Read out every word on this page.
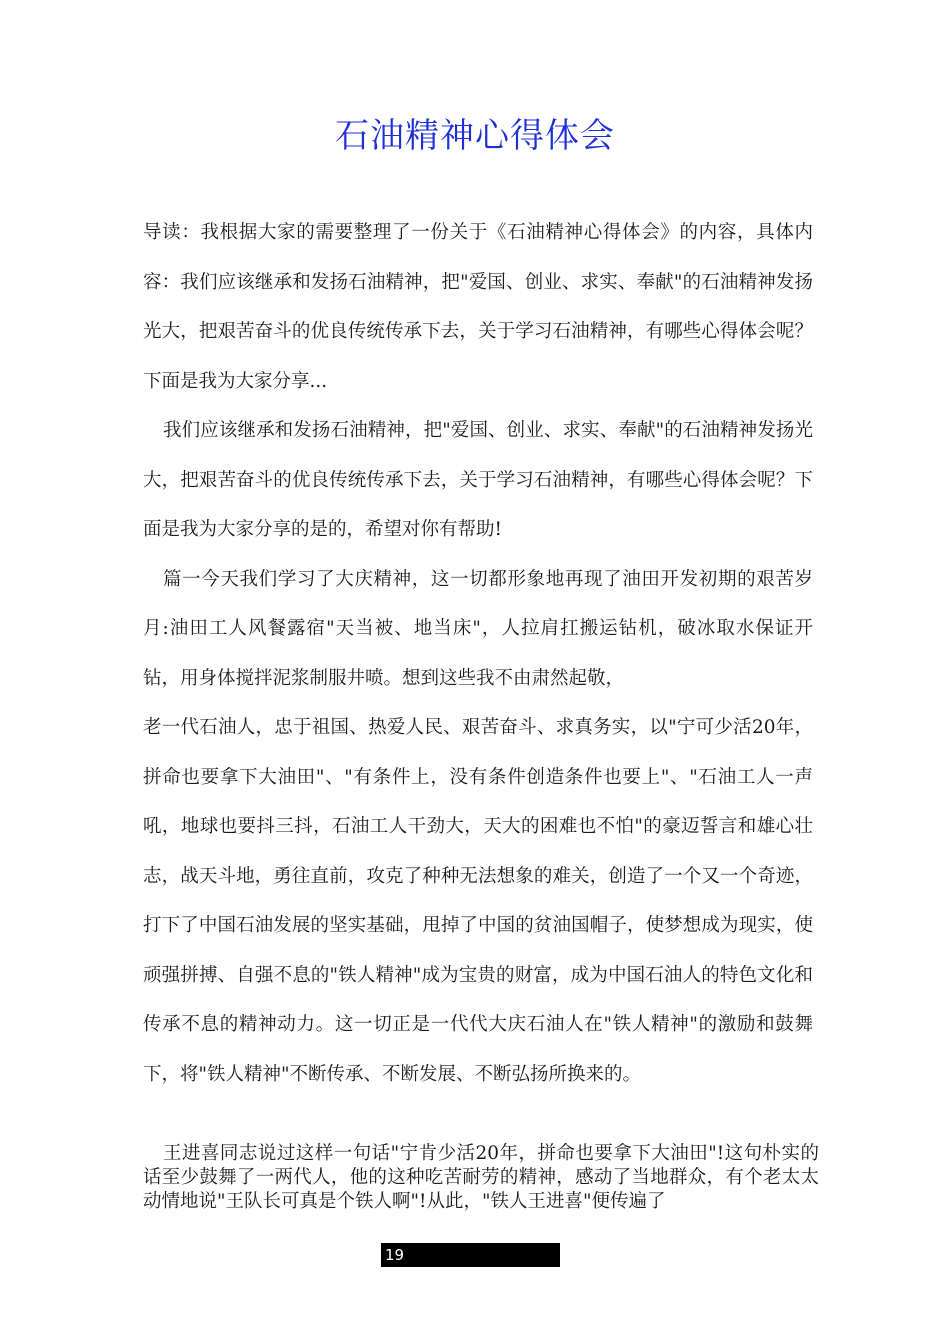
石油精神心得体会

导读：我根据大家的需要整理了一份关于《石油精神心得体会》的内容，具体内容：我们应该继承和发扬石油精神，把"爱国、创业、求实、奉献"的石油精神发扬光大，把艰苦奋斗的优良传统传承下去，关于学习石油精神，有哪些心得体会呢？下面是我为大家分享...

我们应该继承和发扬石油精神，把"爱国、创业、求实、奉献"的石油精神发扬光大，把艰苦奋斗的优良传统传承下去，关于学习石油精神，有哪些心得体会呢？下面是我为大家分享的是的，希望对你有帮助!

篇一今天我们学习了大庆精神，这一切都形象地再现了油田开发初期的艰苦岁月:油田工人风餐露宿"天当被、地当床"，人拉肩扛搬运钻机，破冰取水保证开钻，用身体搅拌泥浆制服井喷。想到这些我不由肃然起敬，

老一代石油人，忠于祖国、热爱人民、艰苦奋斗、求真务实，以"宁可少活20年，拼命也要拿下大油田"、"有条件上，没有条件创造条件也要上"、"石油工人一声吼，地球也要抖三抖，石油工人干劲大，天大的困难也不怕"的豪迈誓言和雄心壮志，战天斗地，勇往直前，攻克了种种无法想象的难关，创造了一个又一个奇迹，打下了中国石油发展的坚实基础，甩掉了中国的贫油国帽子，使梦想成为现实，使顽强拼搏、自强不息的"铁人精神"成为宝贵的财富，成为中国石油人的特色文化和传承不息的精神动力。这一切正是一代代大庆石油人在"铁人精神"的激励和鼓舞下，将"铁人精神"不断传承、不断发展、不断弘扬所换来的。

王进喜同志说过这样一句话"宁肯少活20年，拼命也要拿下大油田"!这句朴实的话至少鼓舞了一两代人，他的这种吃苦耐劳的精神，感动了当地群众，有个老太太动情地说"王队长可真是个铁人啊"!从此，"铁人王进喜"便传遍了

19
